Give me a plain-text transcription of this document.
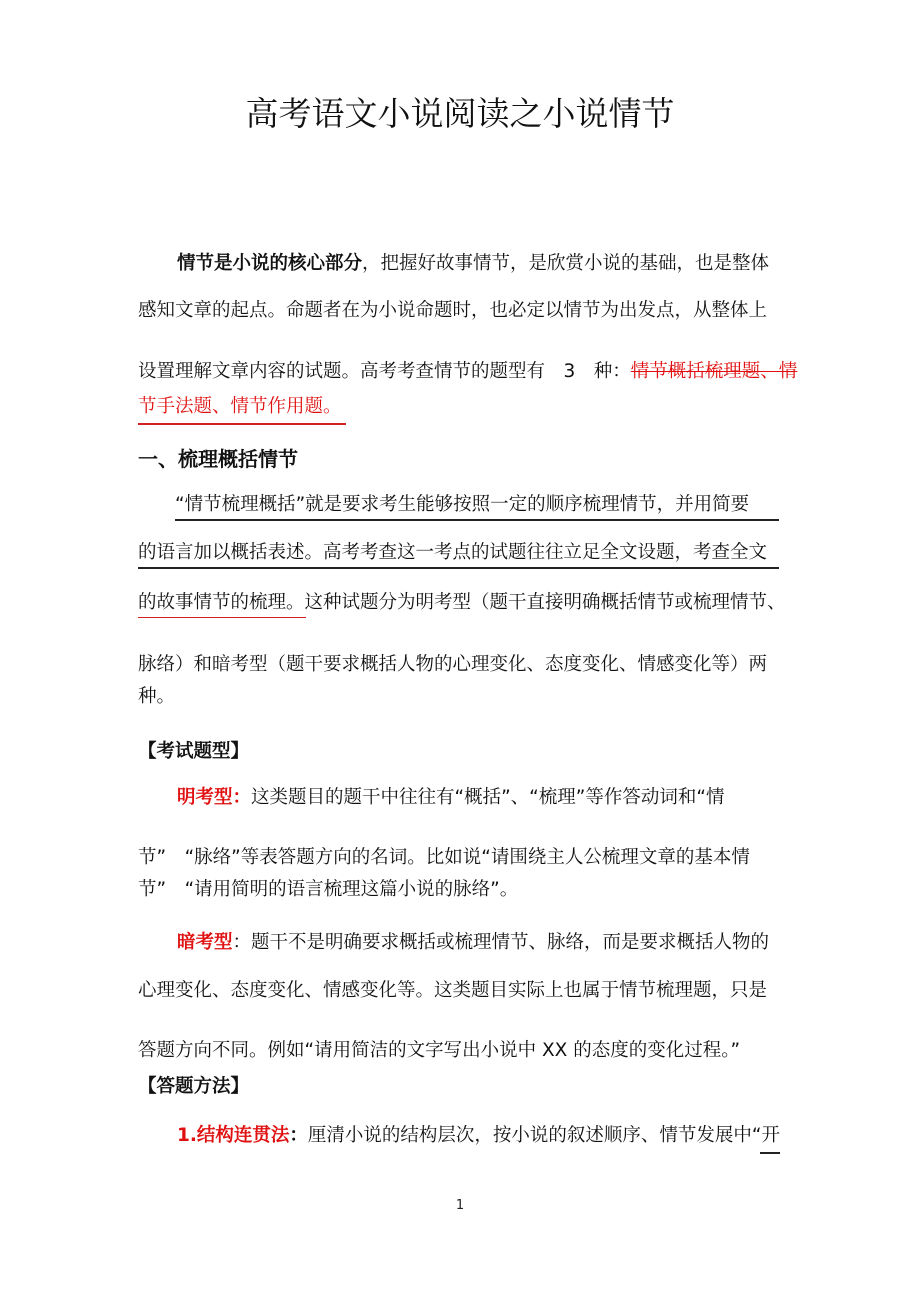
高考语文小说阅读之小说情节
情节是小说的核心部分，把握好故事情节，是欣赏小说的基础，也是整体
感知文章的起点。命题者在为小说命题时，也必定以情节为出发点，从整体上
设置理解文章内容的试题。高考考查情节的题型有　3　种：情节概括梳理题、情
节手法题、情节作用题。
一、梳理概括情节
“情节梳理概括”就是要求考生能够按照一定的顺序梳理情节，并用简要
的语言加以概括表述。高考考查这一考点的试题往往立足全文设题，考查全文
的故事情节的梳理。这种试题分为明考型（题干直接明确概括情节或梳理情节、
脉络）和暗考型（题干要求概括人物的心理变化、态度变化、情感变化等）两
种。
【考试题型】
明考型：这类题目的题干中往往有“概括”、“梳理”等作答动词和“情
节”　“脉络”等表答题方向的名词。比如说“请围绕主人公梳理文章的基本情
节”　“请用简明的语言梳理这篇小说的脉络”。
暗考型：题干不是明确要求概括或梳理情节、脉络，而是要求概括人物的
心理变化、态度变化、情感变化等。这类题目实际上也属于情节梳理题，只是
答题方向不同。例如“请用简洁的文字写出小说中 XX 的态度的变化过程。”
【答题方法】
1.结构连贯法：厘清小说的结构层次，按小说的叙述顺序、情节发展中“开
1
